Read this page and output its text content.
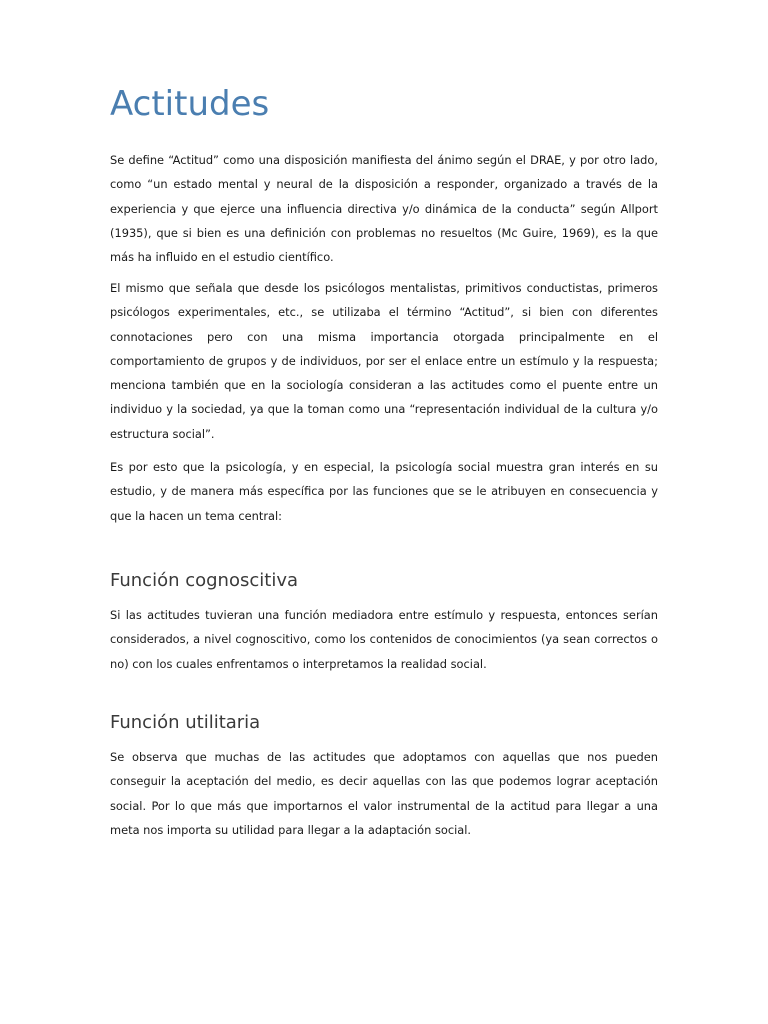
Actitudes

Se define “Actitud” como una disposición manifiesta del ánimo según el DRAE, y por otro lado, como “un estado mental y neural de la disposición a responder, organizado a través de la experiencia y que ejerce una influencia directiva y/o dinámica de la conducta” según Allport (1935), que si bien es una definición con problemas no resueltos (Mc Guire, 1969), es la que más ha influido en el estudio científico.

El mismo que señala que desde los psicólogos mentalistas, primitivos conductistas, primeros psicólogos experimentales, etc., se utilizaba el término “Actitud”, si bien con diferentes connotaciones pero con una misma importancia otorgada principalmente en el comportamiento de grupos y de individuos, por ser el enlace entre un estímulo y la respuesta; menciona también que en la sociología consideran a las actitudes como el puente entre un individuo y la sociedad, ya que la toman como una “representación individual de la cultura y/o estructura social”.

Es por esto que la psicología, y en especial, la psicología social muestra gran interés en su estudio, y de manera más específica por las funciones que se le atribuyen en consecuencia y que la hacen un tema central:

Función cognoscitiva

Si las actitudes tuvieran una función mediadora entre estímulo y respuesta, entonces serían considerados, a nivel cognoscitivo, como los contenidos de conocimientos (ya sean correctos o no) con los cuales enfrentamos o interpretamos la realidad social.

Función utilitaria

Se observa que muchas de las actitudes que adoptamos con aquellas que nos pueden conseguir la aceptación del medio, es decir aquellas con las que podemos lograr aceptación social. Por lo que más que importarnos el valor instrumental de la actitud para llegar a una meta nos importa su utilidad para llegar a la adaptación social.
